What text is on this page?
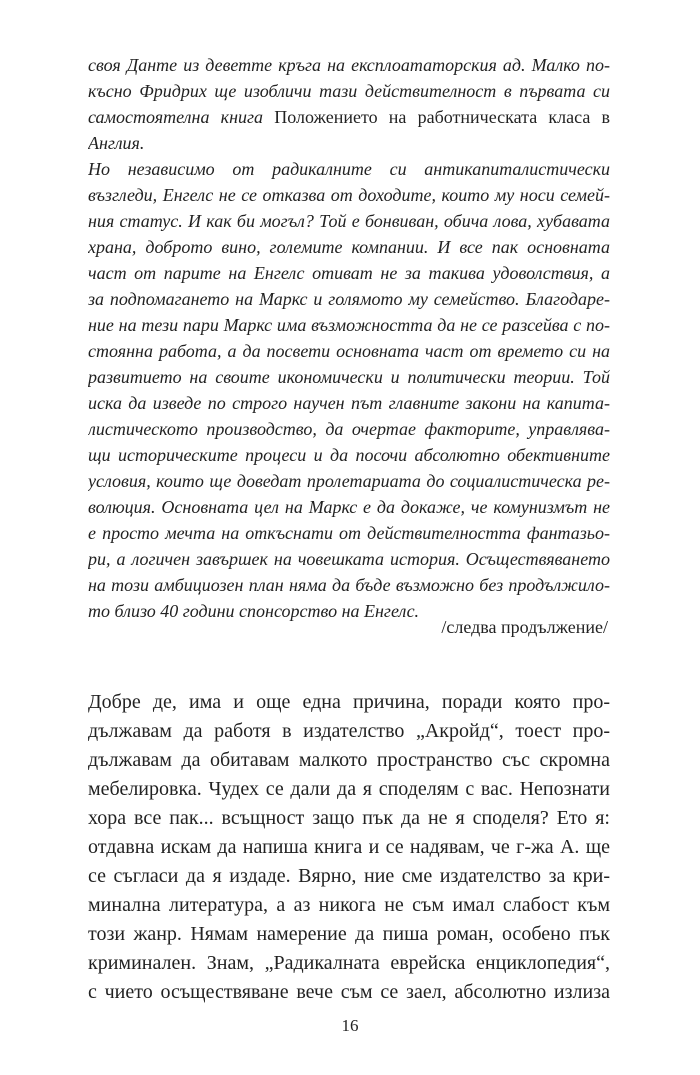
своя Данте из деветте кръга на експлоататорския ад. Малко по-
късно Фридрих ще изобличи тази действителност в първата си
самостоятелна книга Положението на работническата класа в
Англия.
Но независимо от радикалните си антикапиталистически
възгледи, Енгелс не се отказва от доходите, които му носи семей-
ния статус. И как би могъл? Той е бонвиван, обича лова, хубавата
храна, доброто вино, големите компании. И все пак основната
част от парите на Енгелс отиват не за такива удоволствия, а
за подпомагането на Маркс и голямото му семейство. Благодаре-
ние на тези пари Маркс има възможността да не се разсейва с по-
стоянна работа, а да посвети основната част от времето си на
развитието на своите икономически и политически теории. Той
иска да изведе по строго научен път главните закони на капита-
листическото производство, да очертае факторите, управлява-
щи историческите процеси и да посочи абсолютно обективните
условия, които ще доведат пролетариата до социалистическа ре-
волюция. Основната цел на Маркс е да докаже, че комунизмът не
е просто мечта на откъснати от действителността фантазьо-
ри, а логичен завършек на човешката история. Осъществяването
на този амбициозен план няма да бъде възможно без продължило-
то близо 40 години спонсорство на Енгелс.
/следва продължение/
Добре де, има и още една причина, поради която про-
дължавам да работя в издателство „Акройд“, тоест про-
дължавам да обитавам малкото пространство със скромна
мебелировка. Чудех се дали да я споделям с вас. Непознати
хора все пак... всъщност защо пък да не я споделя? Ето я:
отдавна искам да напиша книга и се надявам, че г-жа А. ще
се съгласи да я издаде. Вярно, ние сме издателство за кри-
минална литература, а аз никога не съм имал слабост към
този жанр. Нямам намерение да пиша роман, особено пък
криминален. Знам, „Радикалната еврейска енциклопедия“,
с чието осъществяване вече съм се заел, абсолютно излиза
16
